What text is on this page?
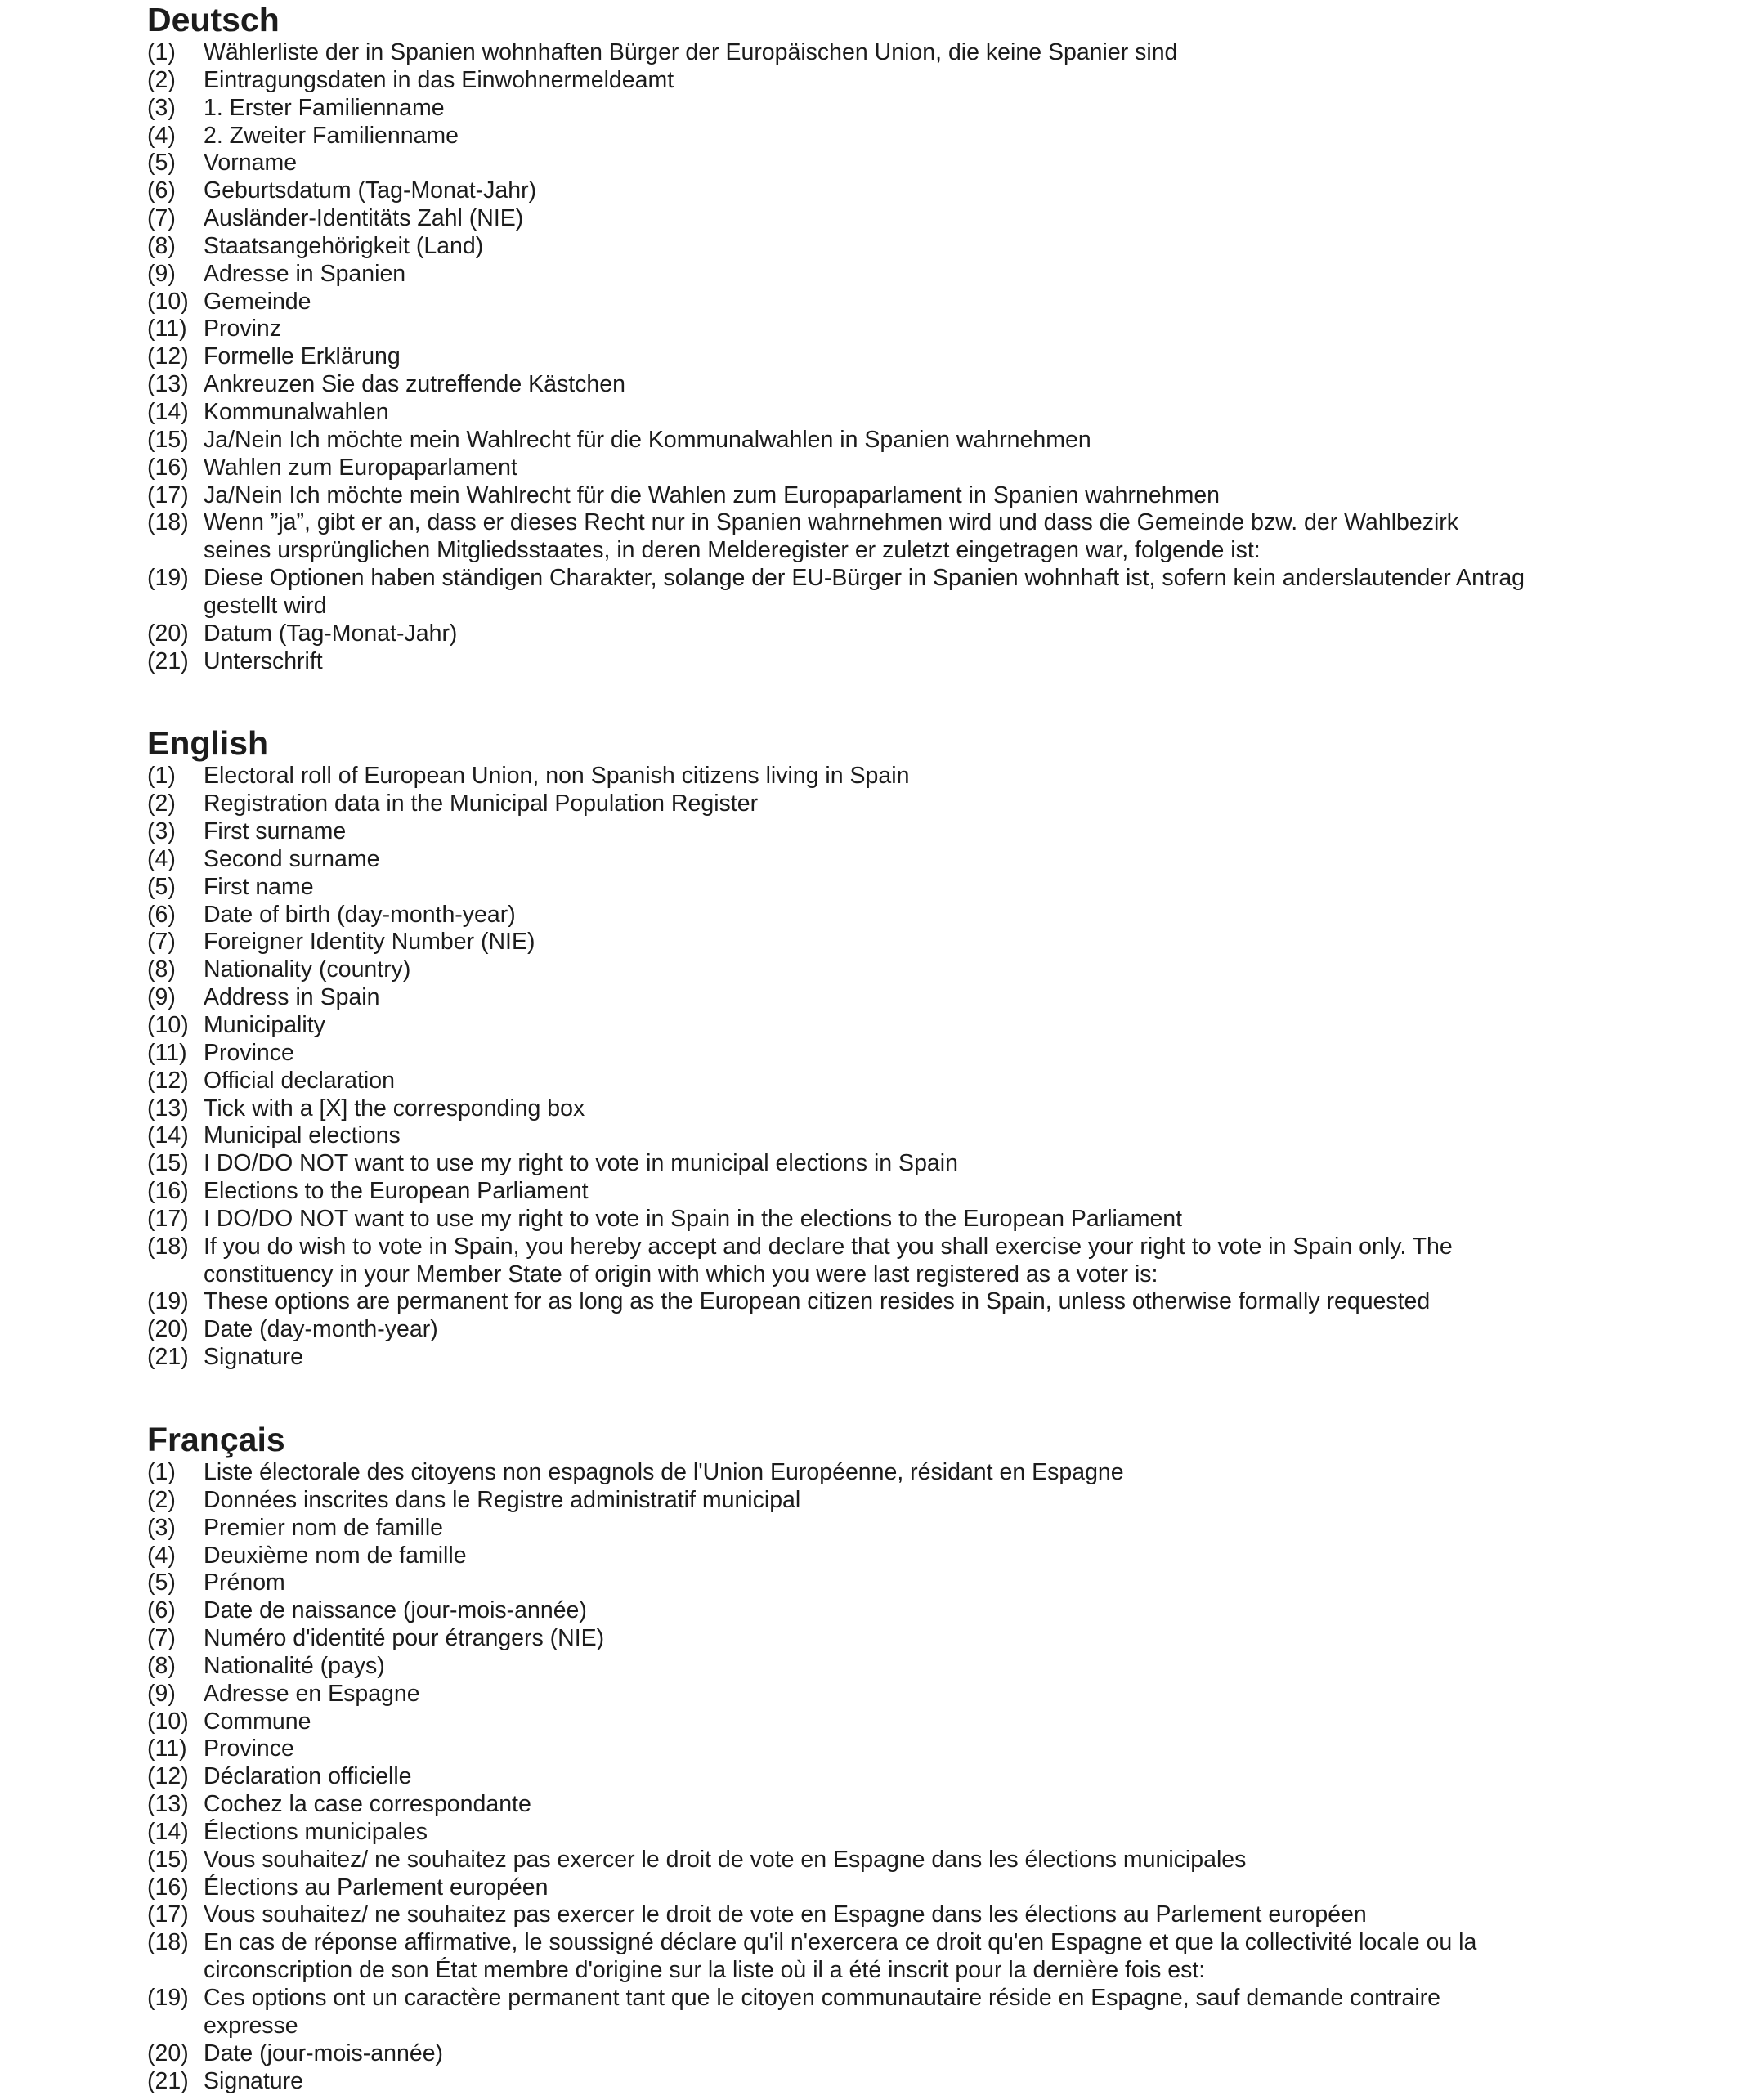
Deutsch
(1)	Wählerliste der in Spanien wohnhaften Bürger der Europäischen Union, die keine Spanier sind
(2)	Eintragungsdaten in das Einwohnermeldeamt
(3)	1. Erster Familienname
(4)	2. Zweiter Familienname
(5)	Vorname
(6)	Geburtsdatum (Tag-Monat-Jahr)
(7)	Ausländer-Identitäts Zahl (NIE)
(8)	Staatsangehörigkeit (Land)
(9)	Adresse in Spanien
(10) Gemeinde
(11) Provinz
(12) Formelle Erklärung
(13) Ankreuzen Sie das zutreffende Kästchen
(14) Kommunalwahlen
(15) Ja/Nein Ich möchte mein Wahlrecht für die Kommunalwahlen in Spanien wahrnehmen
(16) Wahlen zum Europaparlament
(17) Ja/Nein Ich möchte mein Wahlrecht für die Wahlen zum Europaparlament in Spanien wahrnehmen
(18) Wenn ”ja”, gibt er an, dass er dieses Recht nur in Spanien wahrnehmen wird und dass die Gemeinde bzw. der Wahlbezirk
seines ursprünglichen Mitgliedsstaates, in deren Melderegister er zuletzt eingetragen war, folgende ist:
(19) Diese Optionen haben ständigen Charakter, solange der EU-Bürger in Spanien wohnhaft ist, sofern kein anderslautender Antrag
gestellt wird
(20) Datum (Tag-Monat-Jahr)
(21) Unterschrift
English
(1)	Electoral roll of European Union, non Spanish citizens living in Spain
(2)	Registration data in the Municipal Population Register
(3)	First surname
(4)	Second surname
(5)	First name
(6)	Date of birth (day-month-year)
(7)	Foreigner Identity Number (NIE)
(8)	Nationality (country)
(9)	Address in Spain
(10) Municipality
(11) Province
(12) Official declaration
(13) Tick with a [X] the corresponding box
(14) Municipal elections
(15) I DO/DO NOT want to use my right to vote in municipal elections in Spain
(16) Elections to the European Parliament
(17) I DO/DO NOT want to use my right to vote in Spain in the elections to the European Parliament
(18) If you do wish to vote in Spain, you hereby accept and declare that you shall exercise your right to vote in Spain only. The
constituency in your Member State of origin with which you were last registered as a voter is:
(19) These options are permanent for as long as the European citizen resides in Spain, unless otherwise formally requested
(20) Date (day-month-year)
(21) Signature
Français
(1)	Liste électorale des citoyens non espagnols de l'Union Européenne, résidant en Espagne
(2)	Données inscrites dans le Registre administratif municipal
(3)	Premier nom de famille
(4)	Deuxième nom de famille
(5)	Prénom
(6)	Date de naissance (jour-mois-année)
(7)	Numéro d'identité pour étrangers (NIE)
(8)	Nationalité (pays)
(9)	Adresse en Espagne
(10) Commune
(11) Province
(12) Déclaration officielle
(13) Cochez la case correspondante
(14) Élections municipales
(15) Vous souhaitez/ ne souhaitez pas exercer le droit de vote en Espagne dans les élections municipales
(16) Élections au Parlement européen
(17) Vous souhaitez/ ne souhaitez pas exercer le droit de vote en Espagne dans les élections au Parlement européen
(18) En cas de réponse affirmative, le soussigné déclare qu'il n'exercera ce droit qu'en Espagne et que la collectivité locale ou la
circonscription de son État membre d'origine sur la liste où il a été inscrit pour la dernière fois est:
(19) Ces options ont un caractère permanent tant que le citoyen communautaire réside en Espagne, sauf demande contraire
expresse
(20) Date (jour-mois-année)
(21) Signature
